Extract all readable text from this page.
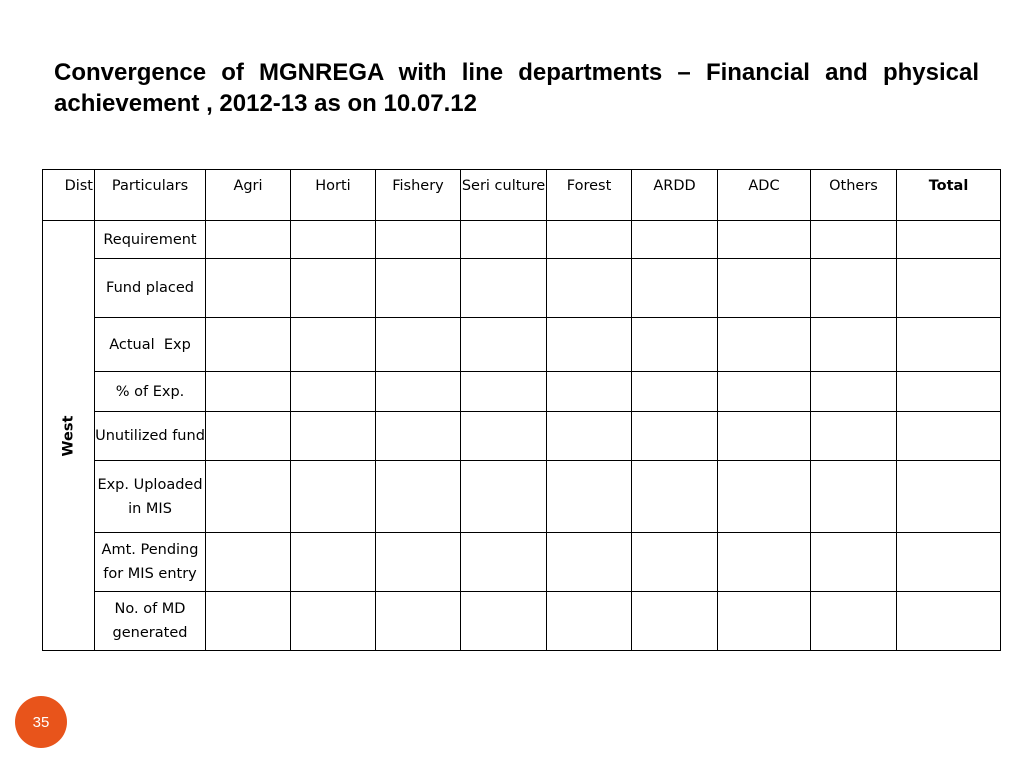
Convergence of MGNREGA with line departments – Financial and physical achievement , 2012-13 as on 10.07.12
Dist	Particulars	Agri	Horti	Fishery	Seri culture	Forest	ARDD	ADC	Others	Total
West	Requirement									
	Fund placed									
	Actual  Exp									
	% of Exp.									
	Unutilized fund									
	Exp. Uploaded in MIS									
	Amt. Pending for MIS entry									
	No. of MD generated									
35
